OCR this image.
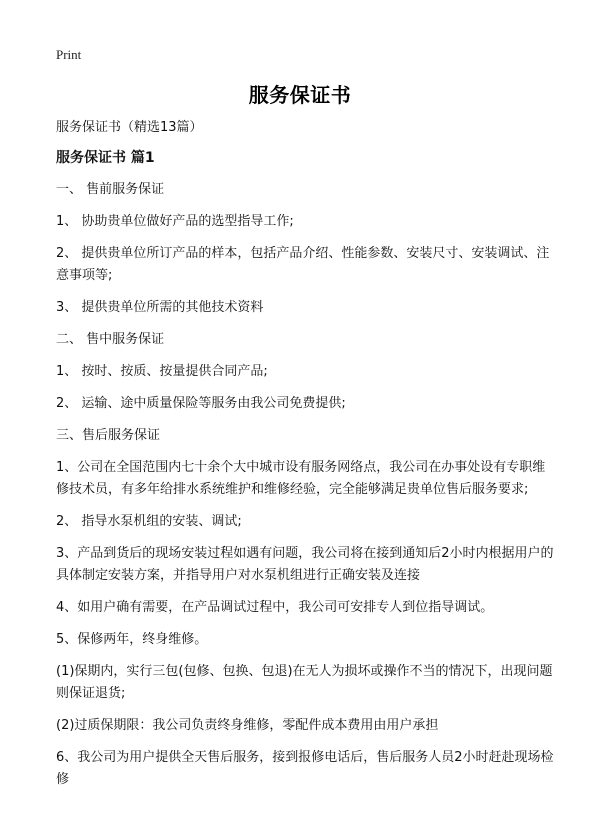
Print
服务保证书

服务保证书（精选13篇）

服务保证书 篇1

一、 售前服务保证

1、 协助贵单位做好产品的选型指导工作;

2、 提供贵单位所订产品的样本，包括产品介绍、性能参数、安装尺寸、安装调试、注意事项等;

3、 提供贵单位所需的其他技术资料

二、 售中服务保证

1、 按时、按质、按量提供合同产品;

2、 运输、途中质量保险等服务由我公司免费提供;

三、售后服务保证

1、公司在全国范围内七十余个大中城市设有服务网络点，我公司在办事处设有专职维修技术员，有多年给排水系统维护和维修经验，完全能够满足贵单位售后服务要求;

2、 指导水泵机组的安装、调试;

3、产品到货后的现场安装过程如遇有问题，我公司将在接到通知后2小时内根据用户的具体制定安装方案，并指导用户对水泵机组进行正确安装及连接

4、如用户确有需要，在产品调试过程中，我公司可安排专人到位指导调试。

5、保修两年，终身维修。

(1)保期内，实行三包(包修、包换、包退)在无人为损坏或操作不当的情况下，出现问题则保证退货;

(2)过质保期限：我公司负责终身维修，零配件成本费用由用户承担

6、我公司为用户提供全天售后服务，接到报修电话后，售后服务人员2小时赶赴现场检修
